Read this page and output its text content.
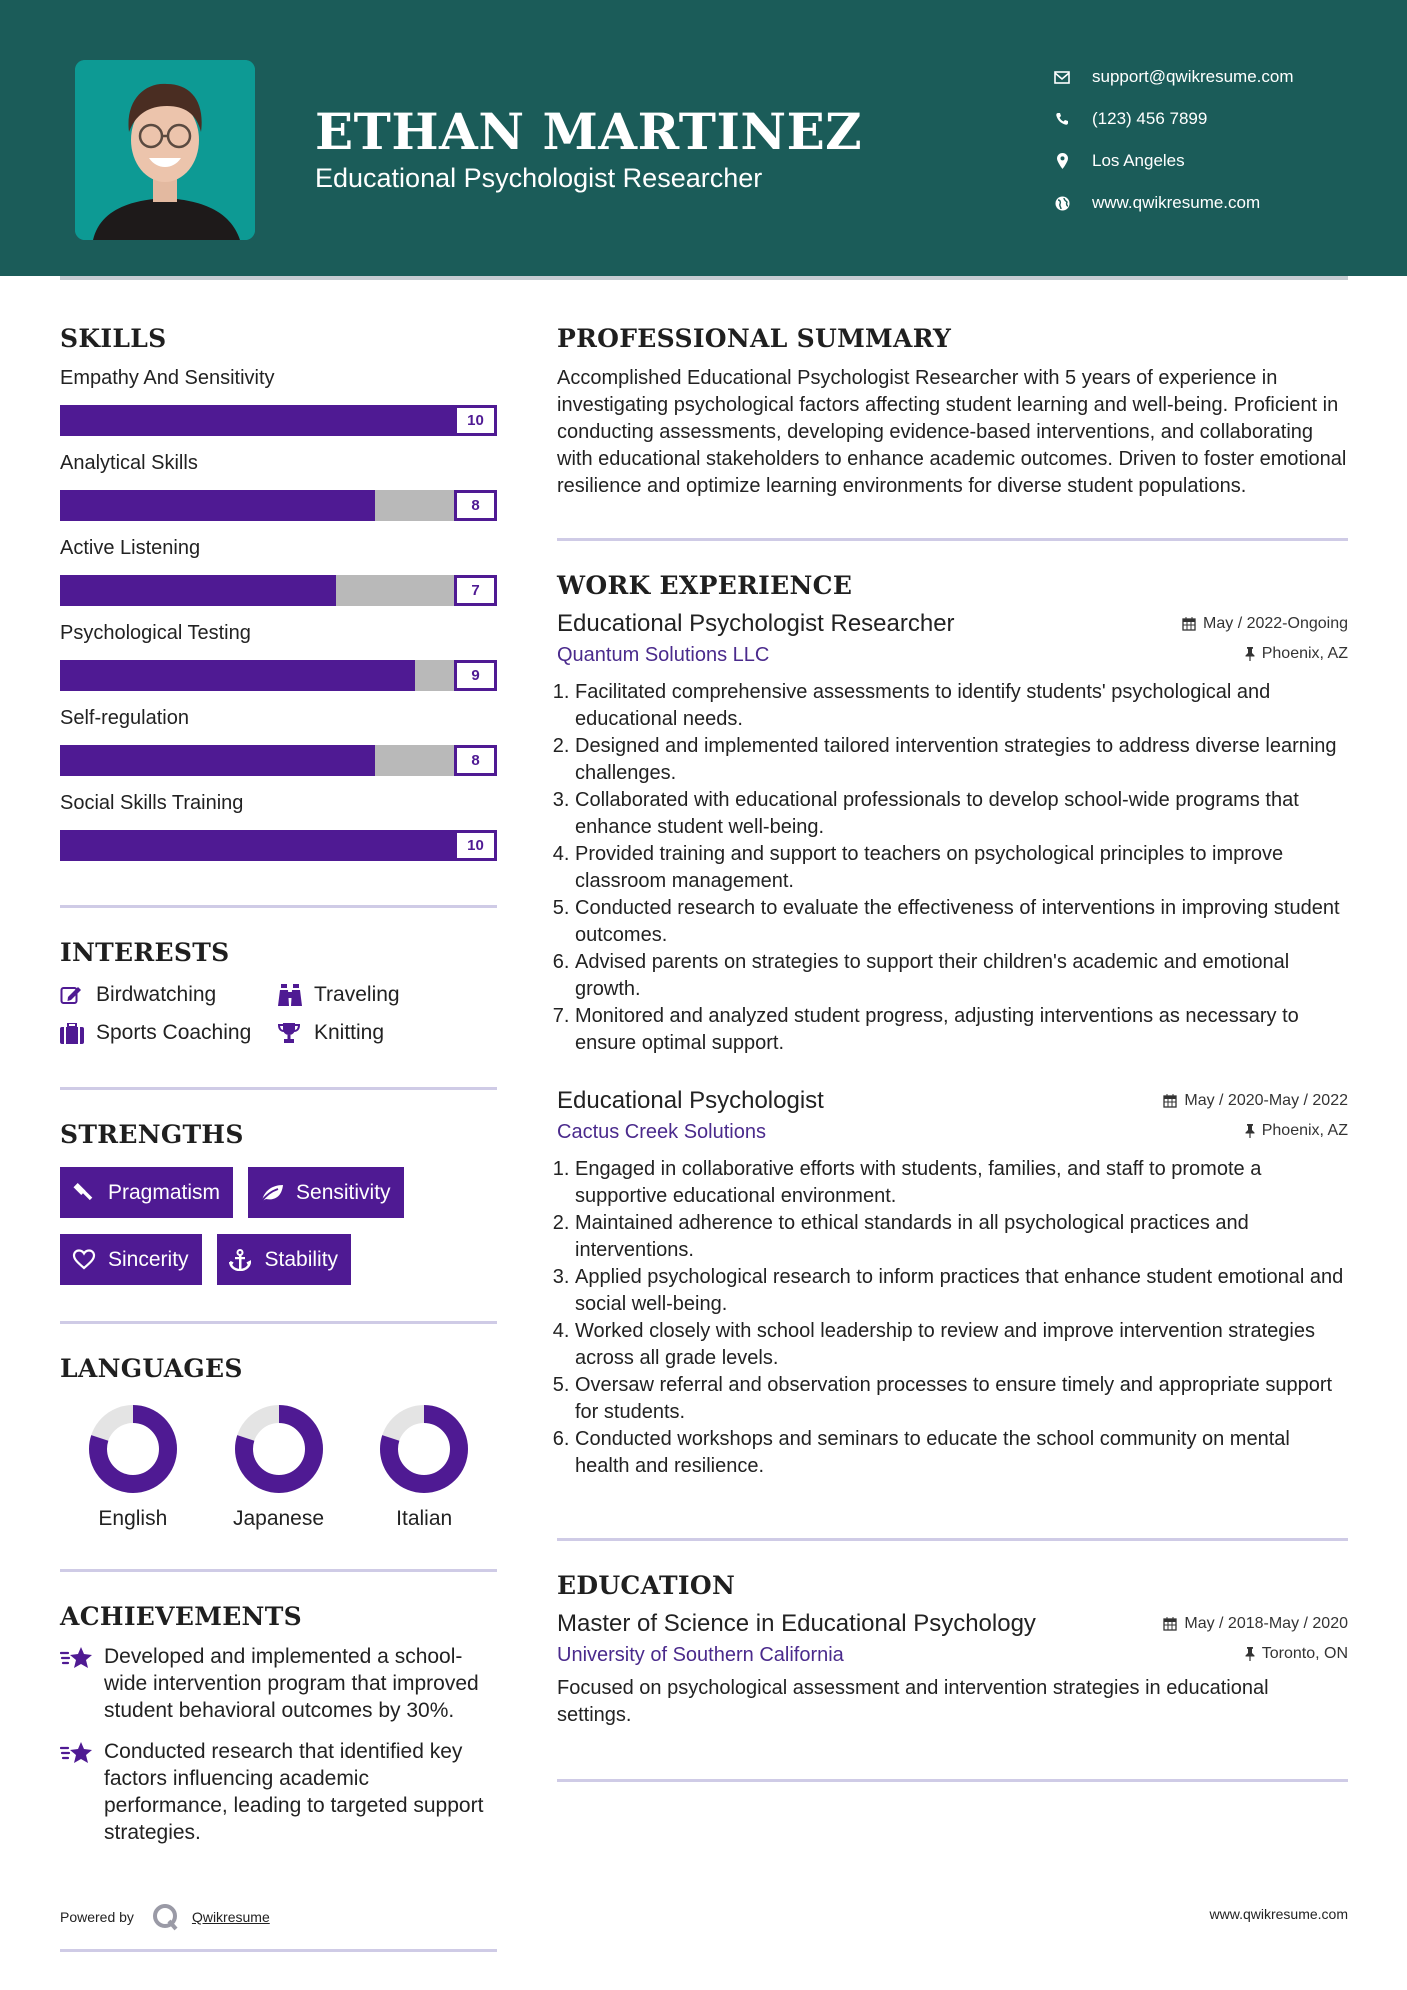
ETHAN MARTINEZ
Educational Psychologist Researcher
support@qwikresume.com
(123) 456 7899
Los Angeles
www.qwikresume.com
SKILLS
Empathy And Sensitivity
10
Analytical Skills
8
Active Listening
7
Psychological Testing
9
Self-regulation
8
Social Skills Training
10
INTERESTS
Birdwatching	Traveling
Sports Coaching	Knitting
STRENGTHS
Pragmatism	Sensitivity
Sincerity	Stability
LANGUAGES
English	Japanese	Italian
ACHIEVEMENTS
Developed and implemented a school-wide intervention program that improved student behavioral outcomes by 30%.
Conducted research that identified key factors influencing academic performance, leading to targeted support strategies.
Powered by	Qwikresume
PROFESSIONAL SUMMARY

Accomplished Educational Psychologist Researcher with 5 years of experience in investigating psychological factors affecting student learning and well-being. Proficient in conducting assessments, developing evidence-based interventions, and collaborating with educational stakeholders to enhance academic outcomes. Driven to foster emotional resilience and optimize learning environments for diverse student populations.

WORK EXPERIENCE
Educational Psychologist Researcher	May / 2022-Ongoing
Quantum Solutions LLC	Phoenix, AZ
1. Facilitated comprehensive assessments to identify students' psychological and educational needs.
2. Designed and implemented tailored intervention strategies to address diverse learning challenges.
3. Collaborated with educational professionals to develop school-wide programs that enhance student well-being.
4. Provided training and support to teachers on psychological principles to improve classroom management.
5. Conducted research to evaluate the effectiveness of interventions in improving student outcomes.
6. Advised parents on strategies to support their children's academic and emotional growth.
7. Monitored and analyzed student progress, adjusting interventions as necessary to ensure optimal support.
Educational Psychologist	May / 2020-May / 2022
Cactus Creek Solutions	Phoenix, AZ
1. Engaged in collaborative efforts with students, families, and staff to promote a supportive educational environment.
2. Maintained adherence to ethical standards in all psychological practices and interventions.
3. Applied psychological research to inform practices that enhance student emotional and social well-being.
4. Worked closely with school leadership to review and improve intervention strategies across all grade levels.
5. Oversaw referral and observation processes to ensure timely and appropriate support for students.
6. Conducted workshops and seminars to educate the school community on mental health and resilience.
EDUCATION
Master of Science in Educational Psychology	May / 2018-May / 2020
University of Southern California	Toronto, ON

Focused on psychological assessment and intervention strategies in educational settings.

www.qwikresume.com
